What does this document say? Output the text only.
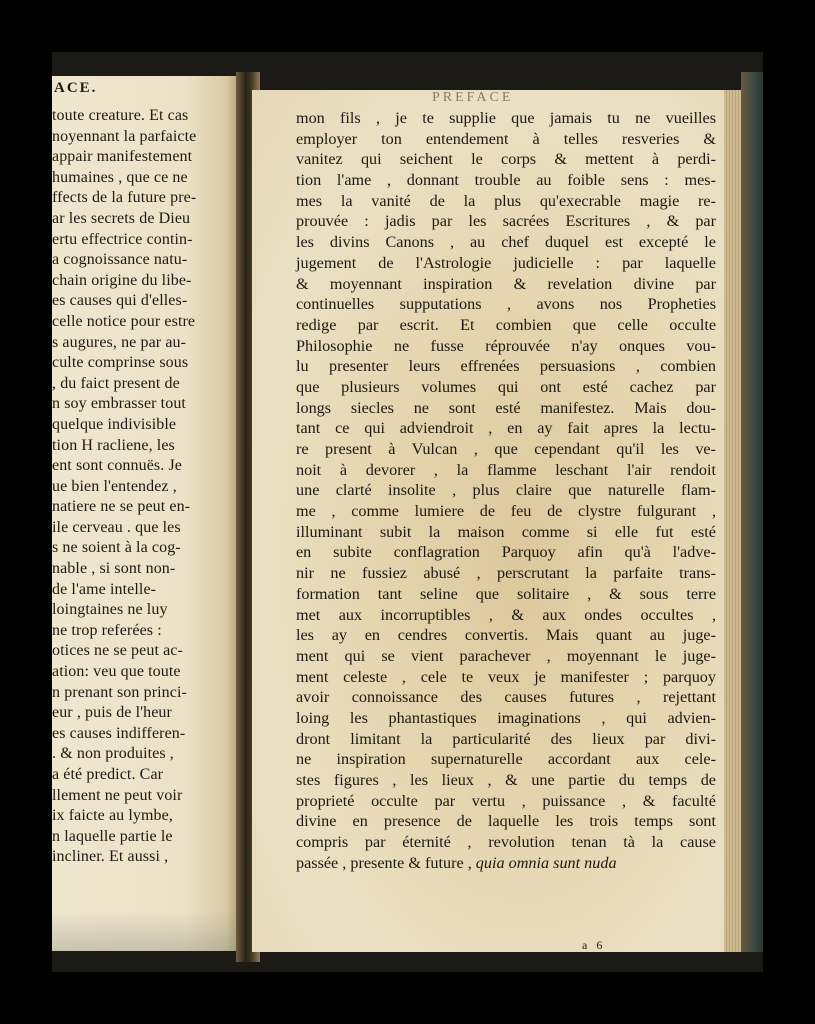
ACE.
toute creature. Et cas
noyennant la parfaicte
appair manifestement
humaines , que ce ne
ffects de la future pre-
ar les secrets de Dieu
ertu effectrice contin-
a cognoissance natu-
chain origine du libe-
es causes qui d'elles-
celle notice pour estre
s augures, ne par au-
culte comprinse sous
, du faict present de
n soy embrasser tout
quelque indivisible
tion H racliene, les
ent sont connuës. Je
ue bien l'entendez ,
natiere ne se peut en-
ile cerveau . que les
s ne soient à la cog-
nable , si sont non-
de l'ame intelle-
loingtaines ne luy
ne trop referées :
otices ne se peut ac-
ation: veu que toute
n prenant son princi-
eur , puis de l'heur
es causes indifferen-
. & non produites ,
a été predict. Car
llement ne peut voir
ix faicte au lymbe,
n laquelle partie le
incliner. Et aussi ,
PREFACE
mon fils , je te supplie que jamais tu ne vueilles
employer ton entendement à telles resveries &
vanitez qui seichent le corps & mettent à perdi-
tion l'ame , donnant trouble au foible sens : mes-
mes la vanité de la plus qu'execrable magie re-
prouvée : jadis par les sacrées Escritures , & par
les divins Canons , au chef duquel est excepté le
jugement de l'Astrologie judicielle : par laquelle
& moyennant inspiration & revelation divine par
continuelles supputations , avons nos Propheties
redige par escrit. Et combien que celle occulte
Philosophie ne fusse réprouvée n'ay onques vou-
lu presenter leurs effrenées persuasions , combien
que plusieurs volumes qui ont esté cachez par
longs siecles ne sont esté manifestez. Mais dou-
tant ce qui adviendroit , en ay fait apres la lectu-
re present à Vulcan , que cependant qu'il les ve-
noit à devorer , la flamme leschant l'air rendoit
une clarté insolite , plus claire que naturelle flam-
me , comme lumiere de feu de clystre fulgurant ,
illuminant subit la maison comme si elle fut esté
en subite conflagration Parquoy afin qu'à l'adve-
nir ne fussiez abusé , perscrutant la parfaite trans-
formation tant seline que solitaire , & sous terre
met aux incorruptibles , & aux ondes occultes ,
les ay en cendres convertis. Mais quant au juge-
ment qui se vient parachever , moyennant le juge-
ment celeste , cele te veux je manifester ; parquoy
avoir connoissance des causes futures , rejettant
loing les phantastiques imaginations , qui advien-
dront limitant la particularité des lieux par divi-
ne inspiration supernaturelle accordant aux cele-
stes figures , les lieux , & une partie du temps de
proprieté occulte par vertu , puissance , & faculté
divine en presence de laquelle les trois temps sont
compris par éternité , revolution tenan tà la cause
passée , presente & future , quia omnia sunt nuda
a 6
